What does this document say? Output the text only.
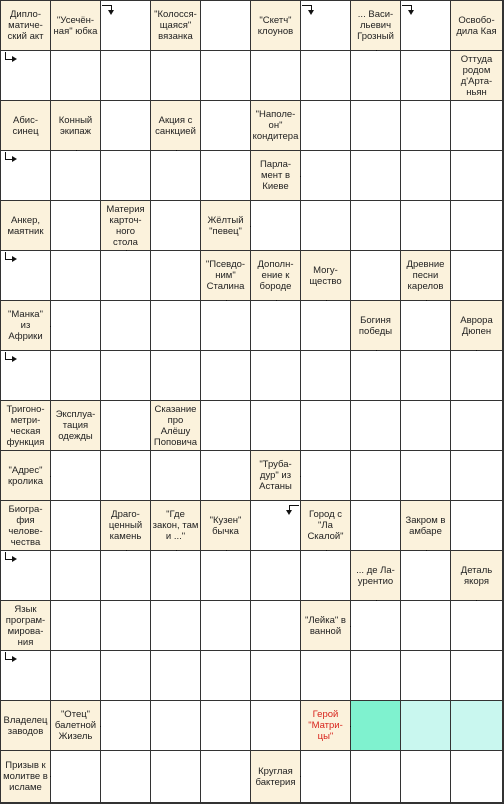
Дипло-
матиче-
ский акт
"Усечён-
ная" юбка
"Колосся-
щаяся"
вязанка
"Скетч"
клоунов
... Васи-
льевич
Грозный
Освобо-
дила Кая
Оттуда
родом
д'Арта-
ньян
Абис-
синец
Конный
экипаж
Акция с
санкцией
"Наполе-
он"
кондитера
Парла-
мент в
Киеве
Анкер,
маятник
Материя
карточ-
ного
стола
Жёлтый
"певец"
"Псевдо-
ним"
Сталина
Дополн-
ение к
бороде
Могу-
щество
Древние
песни
карелов
"Манка"
из
Африки
Богиня
победы
Аврора
Дюпен
Тригоно-
метри-
ческая
функция
Эксплуа-
тация
одежды
Сказание
про
Алёшу
Поповича
"Адрес"
кролика
"Труба-
дур" из
Астаны
Биогра-
фия
челове-
чества
Драго-
ценный
камень
"Где
закон, там
и ..."
"Кузен"
бычка
Город с
"Ла
Скалой"
Закром в
амбаре
... де Ла-
урентио
Деталь
якоря
Язык
програм-
мирова-
ния
"Лейка" в
ванной
Владелец
заводов
"Отец"
балетной
Жизель
Герой
"Матри-
цы"
Призыв к
молитве в
исламе
Круглая
бактерия
